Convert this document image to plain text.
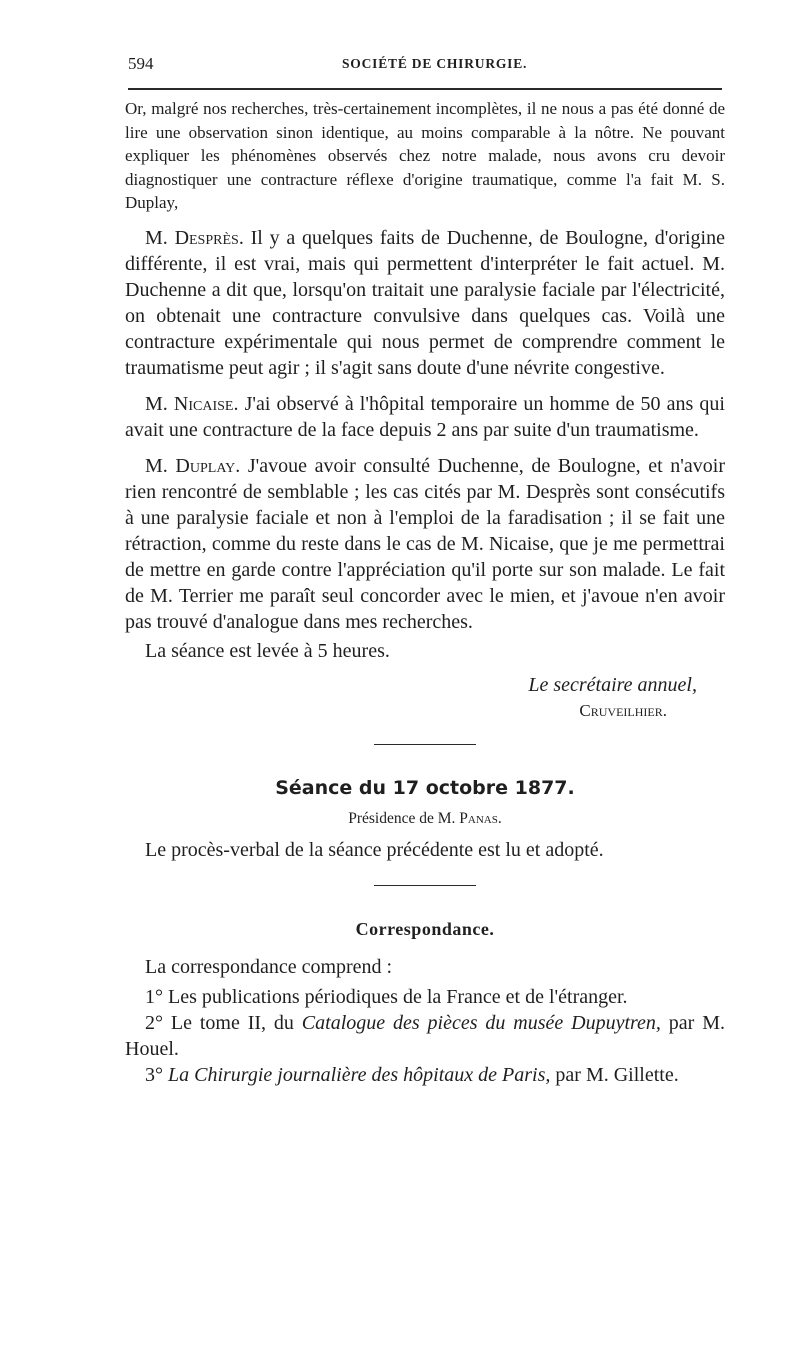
594	SOCIÉTÉ DE CHIRURGIE.

Or, malgré nos recherches, très-certainement incomplètes, il ne nous a pas été donné de lire une observation sinon identique, au moins comparable à la nôtre. Ne pouvant expliquer les phénomènes observés chez notre malade, nous avons cru devoir diagnostiquer une contracture réflexe d'origine traumatique, comme l'a fait M. S. Duplay,

M. Desprès. Il y a quelques faits de Duchenne, de Boulogne, d'origine différente, il est vrai, mais qui permettent d'interpréter le fait actuel. M. Duchenne a dit que, lorsqu'on traitait une paralysie faciale par l'électricité, on obtenait une contracture convulsive dans quelques cas. Voilà une contracture expérimentale qui nous permet de comprendre comment le traumatisme peut agir ; il s'agit sans doute d'une névrite congestive.

M. Nicaise. J'ai observé à l'hôpital temporaire un homme de 50 ans qui avait une contracture de la face depuis 2 ans par suite d'un traumatisme.

M. Duplay. J'avoue avoir consulté Duchenne, de Boulogne, et n'avoir rien rencontré de semblable ; les cas cités par M. Desprès sont consécutifs à une paralysie faciale et non à l'emploi de la faradisation ; il se fait une rétraction, comme du reste dans le cas de M. Nicaise, que je me permettrai de mettre en garde contre l'appréciation qu'il porte sur son malade. Le fait de M. Terrier me paraît seul concorder avec le mien, et j'avoue n'en avoir pas trouvé d'analogue dans mes recherches.

La séance est levée à 5 heures.

Le secrétaire annuel,
Cruveilhier.
Séance du 17 octobre 1877.
Présidence de M. Panas.

Le procès-verbal de la séance précédente est lu et adopté.

Correspondance.

La correspondance comprend :

1° Les publications périodiques de la France et de l'étranger.

2° Le tome II, du Catalogue des pièces du musée Dupuytren, par M. Houel.

3° La Chirurgie journalière des hôpitaux de Paris, par M. Gillette.
